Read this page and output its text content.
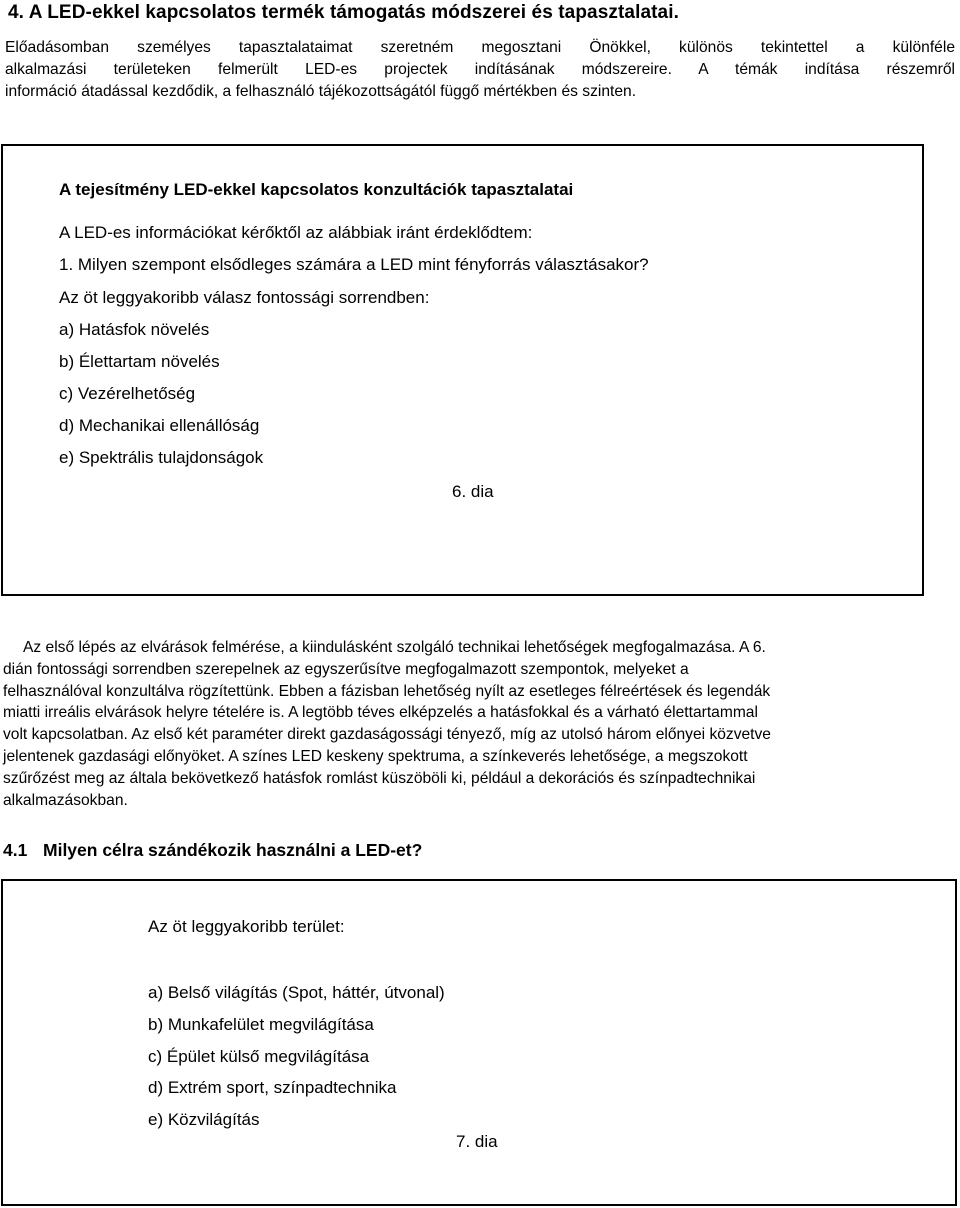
4. A LED-ekkel kapcsolatos termék támogatás módszerei és tapasztalatai.
Előadásomban személyes tapasztalataimat szeretném megosztani Önökkel, különös tekintettel a különféle
alkalmazási területeken felmerült LED-es projectek indításának módszereire. A témák indítása részemről
információ átadással kezdődik, a felhasználó tájékozottságától függő mértékben és szinten.
A tejesítmény LED-ekkel kapcsolatos konzultációk tapasztalatai
A LED-es információkat kérőktől az alábbiak iránt érdeklődtem:
1. Milyen szempont elsődleges számára a LED mint fényforrás választásakor?
Az öt leggyakoribb válasz fontossági sorrendben:
a) Hatásfok növelés
b) Élettartam növelés
c) Vezérelhetőség
d) Mechanikai ellenállóság
e) Spektrális tulajdonságok
6. dia
Az első lépés az elvárások felmérése, a kiindulásként szolgáló technikai lehetőségek megfogalmazása. A 6.
dián fontossági sorrendben szerepelnek az egyszerűsítve megfogalmazott szempontok, melyeket a
felhasználóval konzultálva rögzítettünk. Ebben a fázisban lehetőség nyílt az esetleges félreértések és legendák
miatti irreális elvárások helyre tételére is. A legtöbb téves elképzelés a hatásfokkal és a várható élettartammal
volt kapcsolatban. Az első két paraméter direkt gazdaságossági tényező, míg az utolsó három előnyei közvetve
jelentenek gazdasági előnyöket. A színes LED keskeny spektruma, a színkeverés lehetősége, a megszokott
szűrőzést meg az általa bekövetkező hatásfok romlást küszöböli ki, például a dekorációs és színpadtechnikai
alkalmazásokban.
4.1 Milyen célra szándékozik használni a LED-et?
Az öt leggyakoribb terület:
a) Belső világítás (Spot, háttér, útvonal)
b) Munkafelület megvilágítása
c) Épület külső megvilágítása
d) Extrém sport, színpadtechnika
e) Közvilágítás
7. dia
